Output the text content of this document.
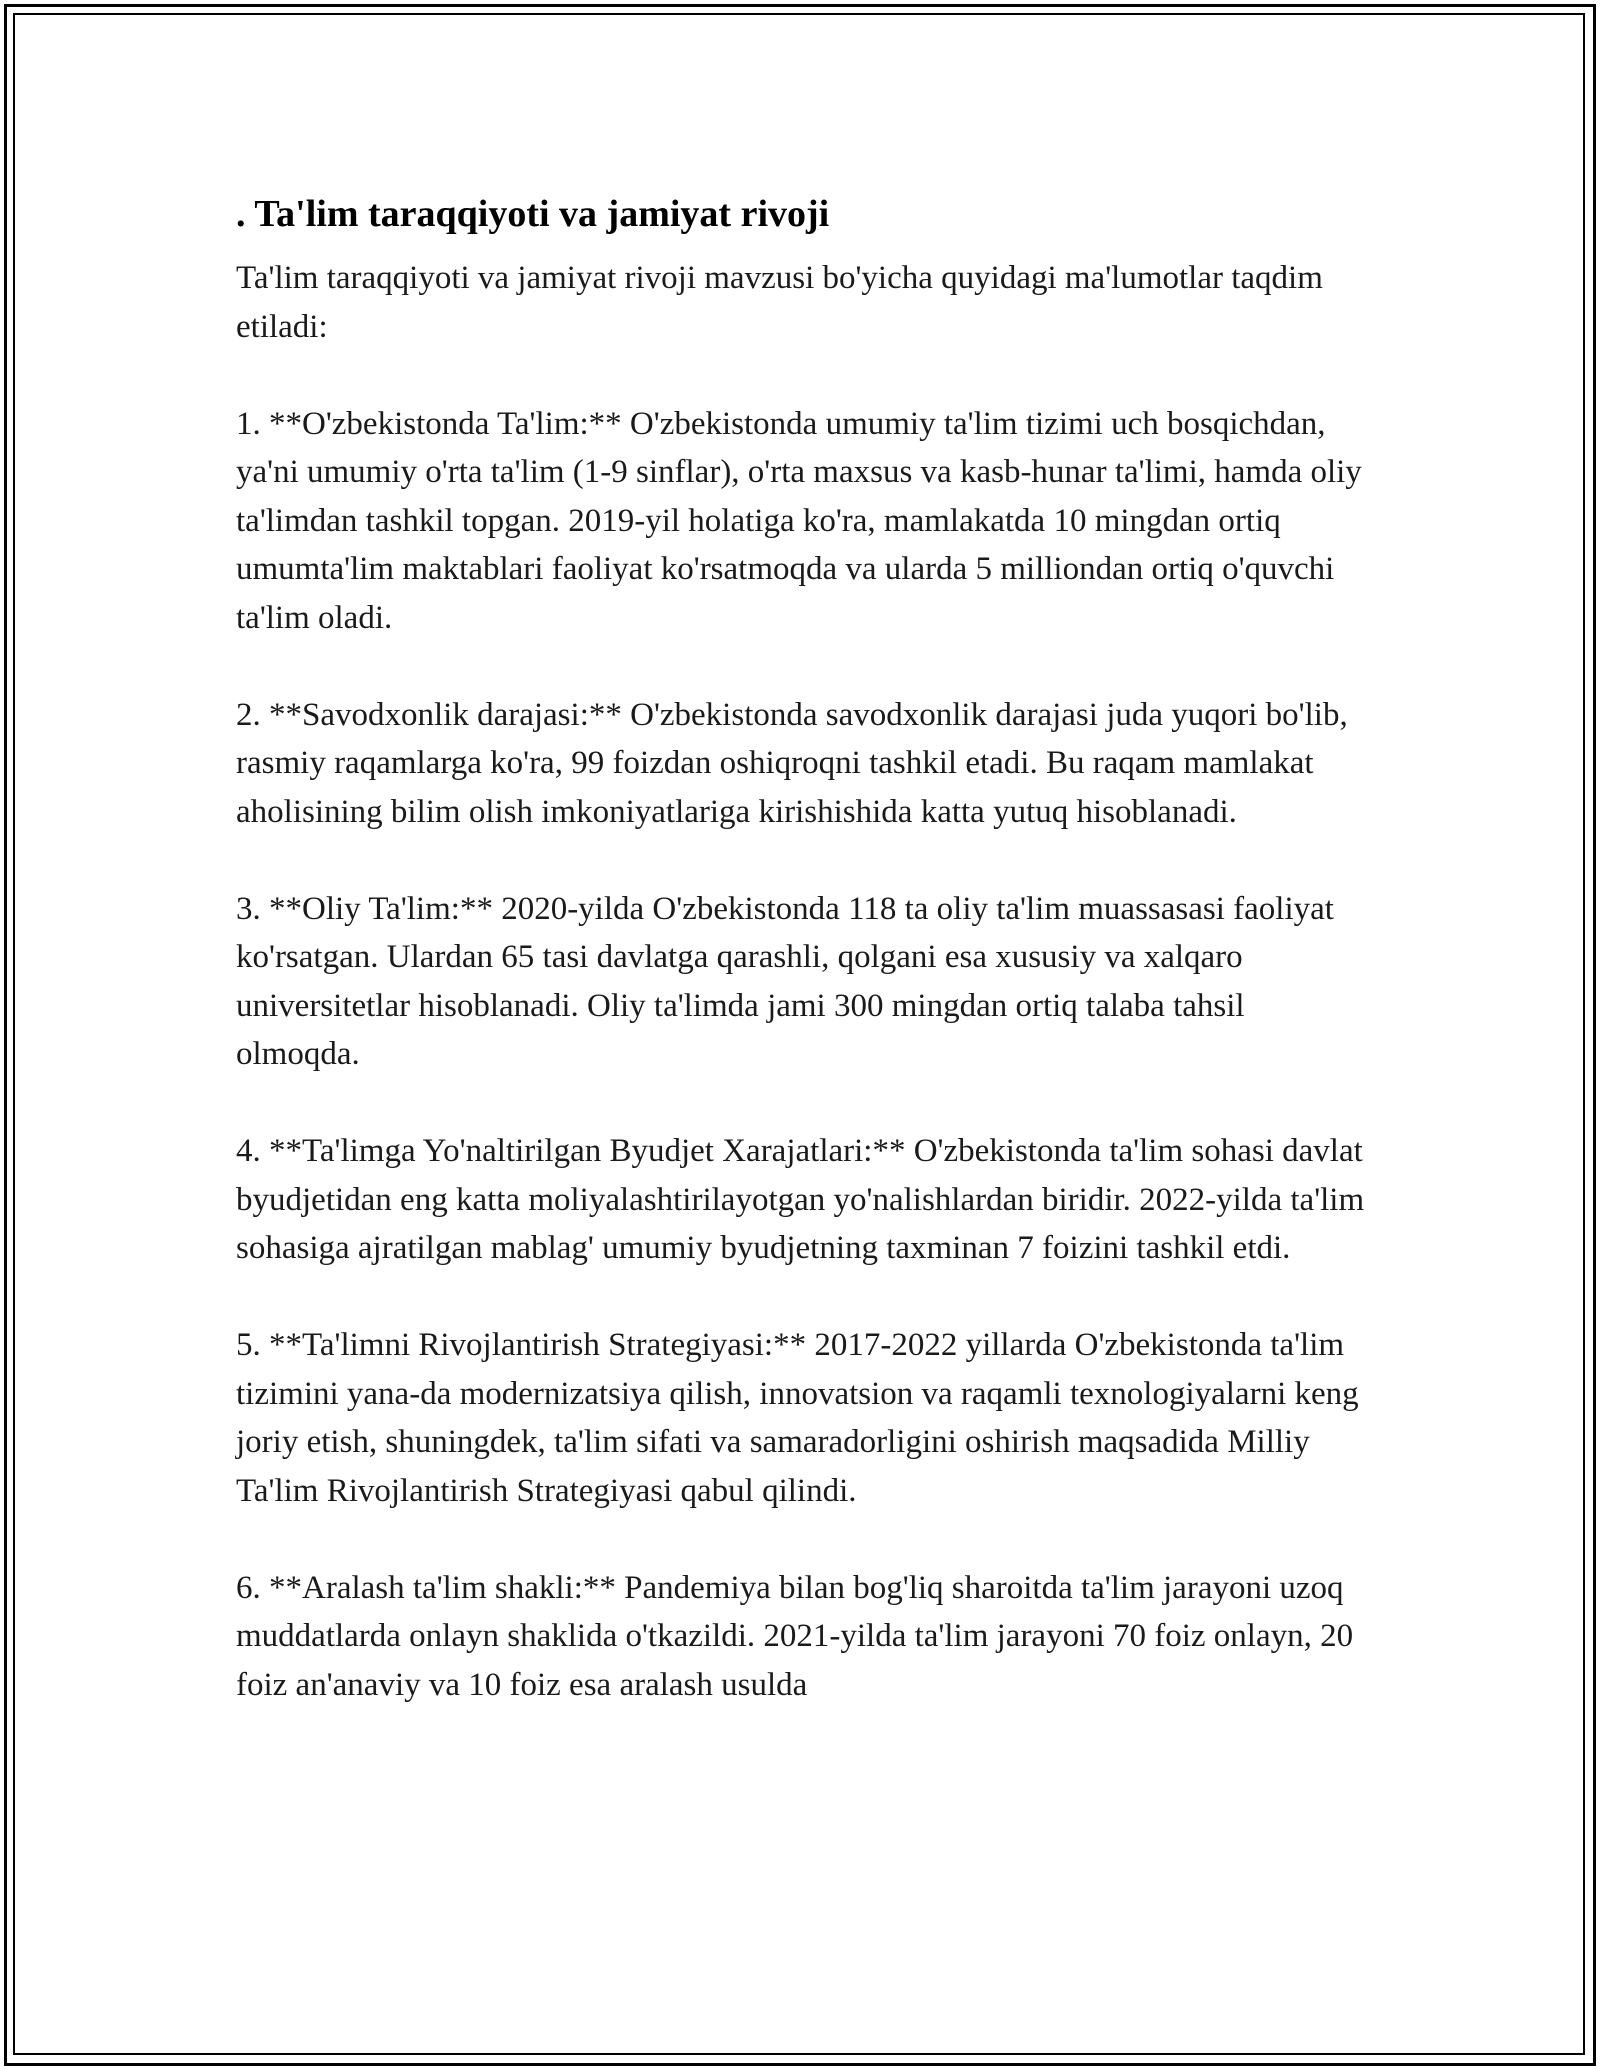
. Ta'lim taraqqiyoti va jamiyat rivoji

Ta'lim taraqqiyoti va jamiyat rivoji mavzusi bo'yicha quyidagi ma'lumotlar taqdim etiladi:

1. **O'zbekistonda Ta'lim:** O'zbekistonda umumiy ta'lim tizimi uch bosqichdan, ya'ni umumiy o'rta ta'lim (1-9 sinflar), o'rta maxsus va kasb-hunar ta'limi, hamda oliy ta'limdan tashkil topgan. 2019-yil holatiga ko'ra, mamlakatda 10 mingdan ortiq umumta'lim maktablari faoliyat ko'rsatmoqda va ularda 5 milliondan ortiq o'quvchi ta'lim oladi.

2. **Savodxonlik darajasi:** O'zbekistonda savodxonlik darajasi juda yuqori bo'lib, rasmiy raqamlarga ko'ra, 99 foizdan oshiqroqni tashkil etadi. Bu raqam mamlakat aholisining bilim olish imkoniyatlariga kirishishida katta yutuq hisoblanadi.

3. **Oliy Ta'lim:** 2020-yilda O'zbekistonda 118 ta oliy ta'lim muassasasi faoliyat ko'rsatgan. Ulardan 65 tasi davlatga qarashli, qolgani esa xususiy va xalqaro universitetlar hisoblanadi. Oliy ta'limda jami 300 mingdan ortiq talaba tahsil olmoqda.

4. **Ta'limga Yo'naltirilgan Byudjet Xarajatlari:** O'zbekistonda ta'lim sohasi davlat byudjetidan eng katta moliyalashtirilayotgan yo'nalishlardan biridir. 2022-yilda ta'lim sohasiga ajratilgan mablag' umumiy byudjetning taxminan 7 foizini tashkil etdi.

5. **Ta'limni Rivojlantirish Strategiyasi:** 2017-2022 yillarda O'zbekistonda ta'lim tizimini yana-da modernizatsiya qilish, innovatsion va raqamli texnologiyalarni keng joriy etish, shuningdek, ta'lim sifati va samaradorligini oshirish maqsadida Milliy Ta'lim Rivojlantirish Strategiyasi qabul qilindi.

6. **Aralash ta'lim shakli:** Pandemiya bilan bog'liq sharoitda ta'lim jarayoni uzoq muddatlarda onlayn shaklida o'tkazildi. 2021-yilda ta'lim jarayoni 70 foiz onlayn, 20 foiz an'anaviy va 10 foiz esa aralash usulda
